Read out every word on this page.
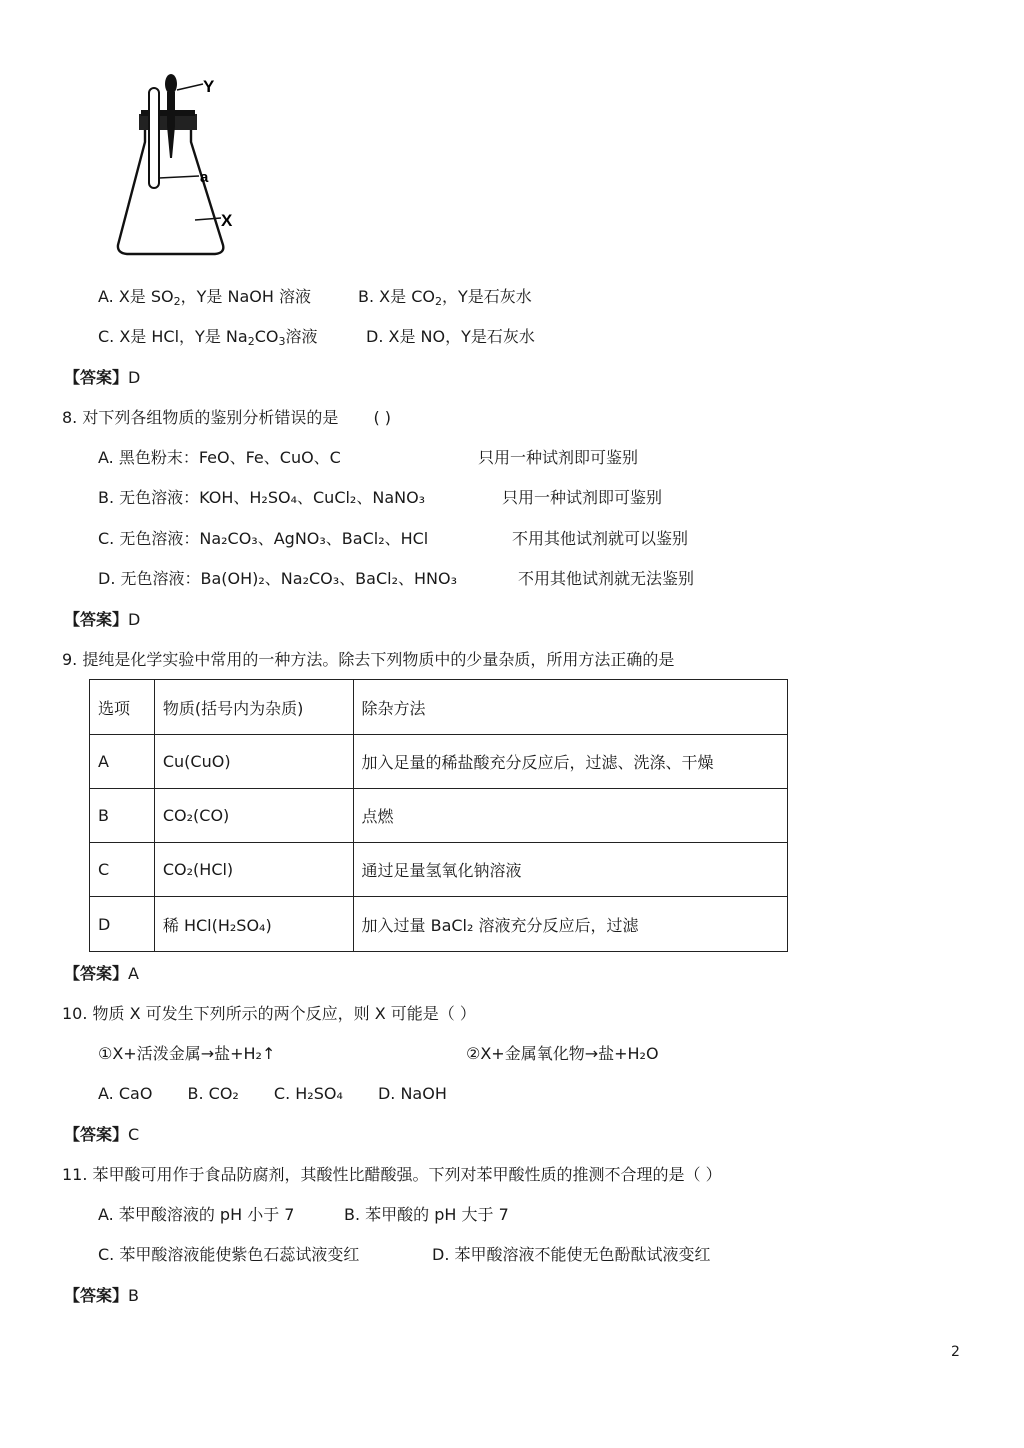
Y
a
X
A. X是 $SO_2$，Y是 NaOH 溶液	B. X是 $CO_2$，Y是石灰水
C. X是 HCl，Y是 $Na_2CO_3$溶液	D. X是 NO，Y是石灰水
【答案】D
8. 对下列各组物质的鉴别分析错误的是 ( )
A. 黑色粉末：FeO、Fe、CuO、C	只用一种试剂即可鉴别
B. 无色溶液：KOH、H₂SO₄、CuCl₂、NaNO₃	只用一种试剂即可鉴别
C. 无色溶液：Na₂CO₃、AgNO₃、BaCl₂、HCl	不用其他试剂就可以鉴别
D. 无色溶液：Ba(OH)₂、Na₂CO₃、BaCl₂、HNO₃	不用其他试剂就无法鉴别
【答案】D
9. 提纯是化学实验中常用的一种方法。除去下列物质中的少量杂质，所用方法正确的是
选项	物质(括号内为杂质)	除杂方法
A	Cu(CuO)	加入足量的稀盐酸充分反应后，过滤、洗涤、干燥
B	CO₂(CO)	点燃
C	CO₂(HCl)	通过足量氢氧化钠溶液
D	稀 HCl(H₂SO₄)	加入过量 BaCl₂ 溶液充分反应后，过滤
【答案】A
10. 物质 X 可发生下列所示的两个反应，则 X 可能是（ ）
①X+活泼金属→盐+H₂↑	②X+金属氧化物→盐+H₂O
A. CaO B. CO₂ C. H₂SO₄ D. NaOH
【答案】C
11. 苯甲酸可用作于食品防腐剂，其酸性比醋酸强。下列对苯甲酸性质的推测不合理的是（ ）
A. 苯甲酸溶液的 pH 小于 7	B. 苯甲酸的 pH 大于 7
C. 苯甲酸溶液能使紫色石蕊试液变红	D. 苯甲酸溶液不能使无色酚酞试液变红
【答案】B
2
